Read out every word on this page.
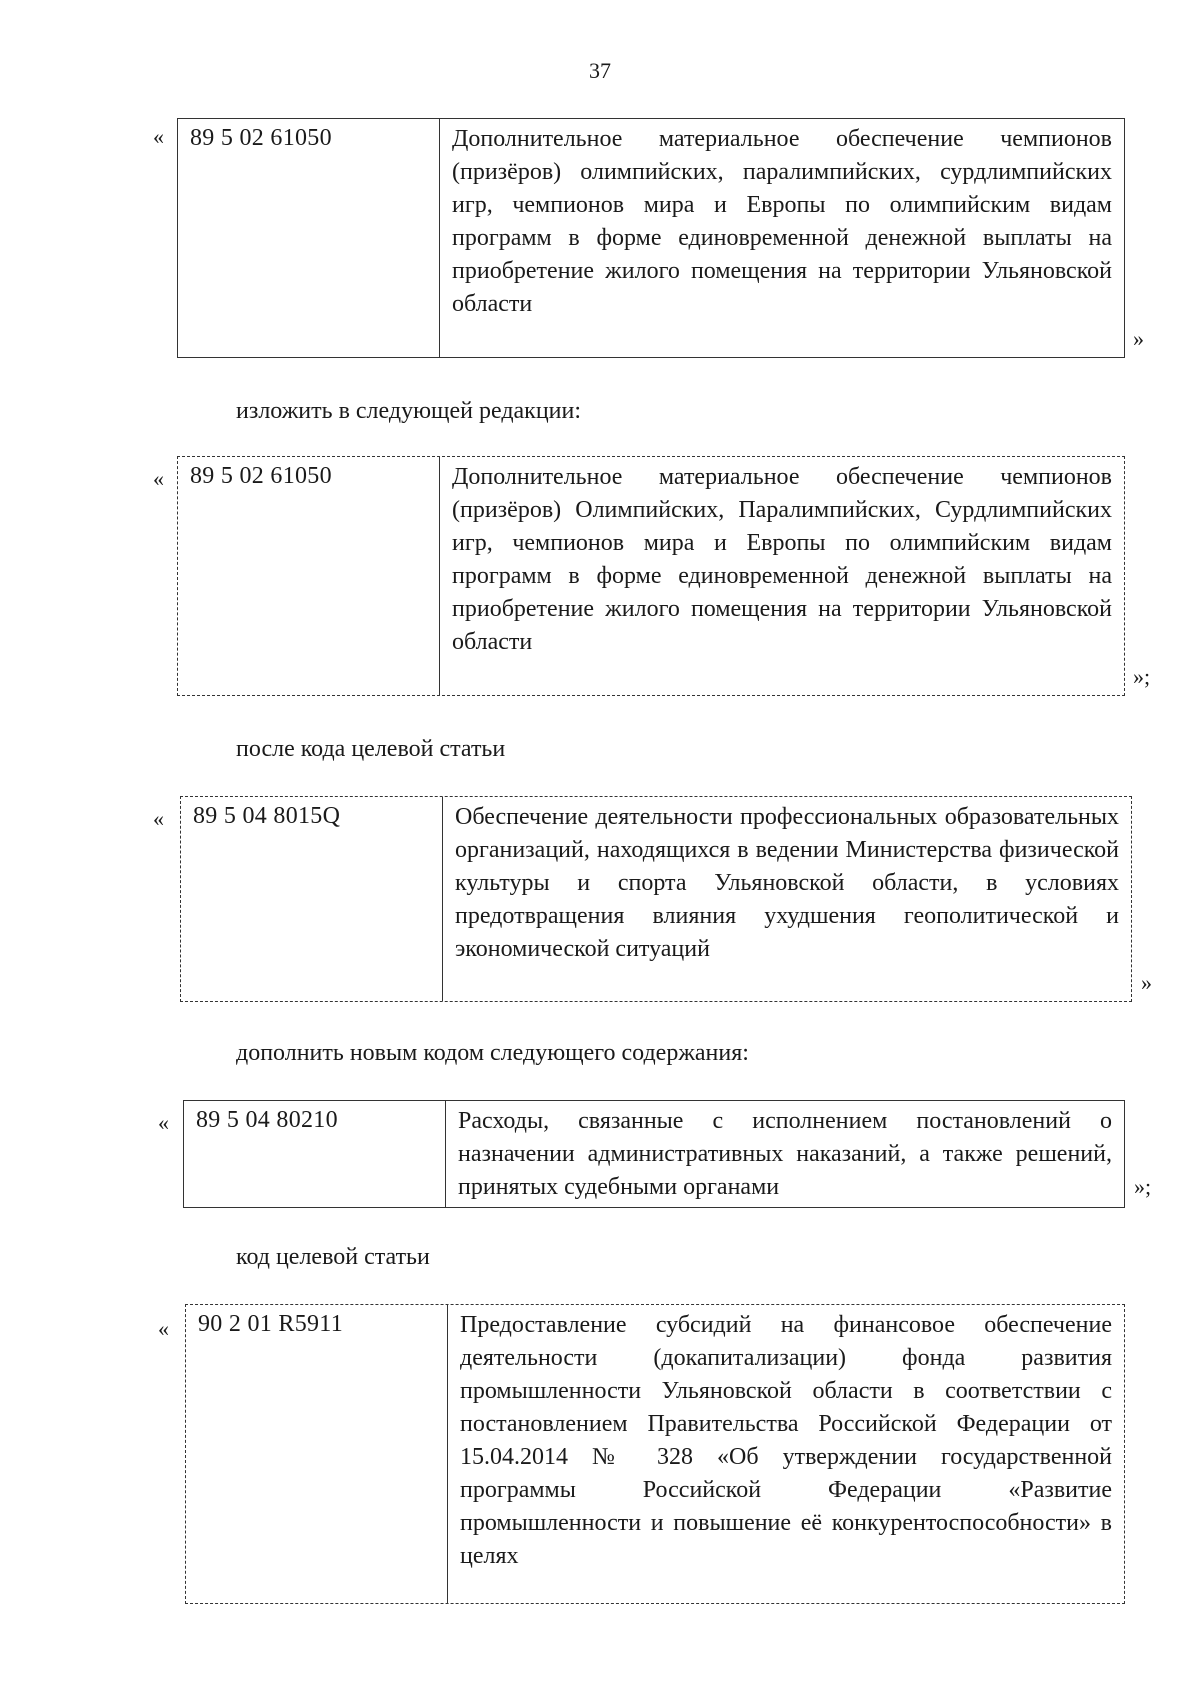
37
«	89 5 02 61050	Дополнительное материальное обеспечение чемпионов (призёров) олимпийских, паралимпийских, сурдлимпийских игр, чемпионов мира и Европы по олимпийским видам программ в форме единовременной денежной выплаты на приобретение жилого помещения на территории Ульяновской области
»
изложить в следующей редакции:
«	89 5 02 61050	Дополнительное материальное обеспечение чемпионов (призёров) Олимпийских, Паралимпийских, Сурдлимпийских игр, чемпионов мира и Европы по олимпийским видам программ в форме единовременной денежной выплаты на приобретение жилого помещения на территории Ульяновской области
»;
после кода целевой статьи
«	89 5 04 8015Q	Обеспечение деятельности профессиональных образовательных организаций, находящихся в ведении Министерства физической культуры и спорта Ульяновской области, в условиях предотвращения влияния ухудшения геополитической и экономической ситуаций
»
дополнить новым кодом следующего содержания:
«	89 5 04 80210	Расходы, связанные с исполнением постановлений о назначении административных наказаний, а также решений, принятых судебными органами	»;
код целевой статьи
«	90 2 01 R5911	Предоставление субсидий на финансовое обеспечение деятельности (докапитализации) фонда развития промышленности Ульяновской области в соответствии с постановлением Правительства Российской Федерации от 15.04.2014 № 328 «Об утверждении государственной программы Российской Федерации «Развитие промышленности и повышение её конкурентоспособности» в целях
